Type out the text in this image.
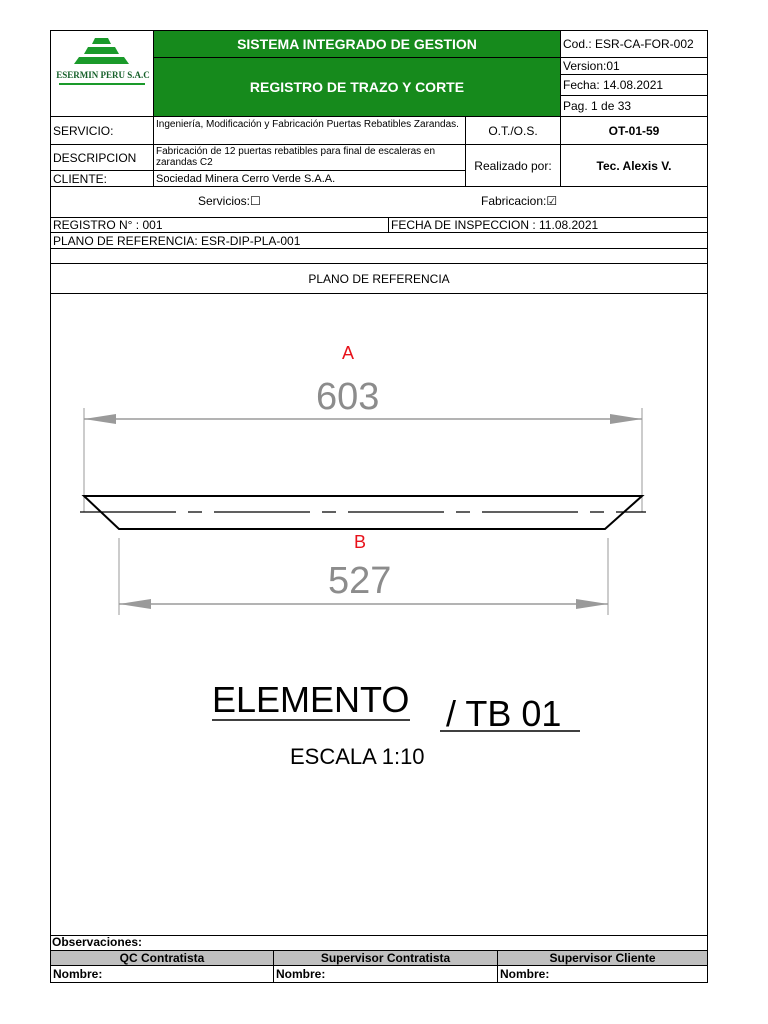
ESERMIN PERU S.A.C
SISTEMA INTEGRADO DE GESTION
REGISTRO DE TRAZO Y CORTE
Cod.: ESR-CA-FOR-002
Version:01
Fecha: 14.08.2021
Pag. 1 de 33
SERVICIO:	Ingeniería, Modificación y Fabricación Puertas Rebatibles Zarandas.	O.T./O.S.	OT-01-59
DESCRIPCION	Fabricación de 12 puertas rebatibles para final de escaleras en zarandas C2	Realizado por:	Tec. Alexis V.
CLIENTE:	Sociedad Minera Cerro Verde S.A.A.
Servicios:☐	Fabricacion:☑
REGISTRO N° : 001	FECHA DE INSPECCION : 11.08.2021
PLANO DE REFERENCIA: ESR-DIP-PLA-001
PLANO DE REFERENCIA
A
603
B
527
ELEMENTO / TB 01
ESCALA 1:10
Observaciones:
QC Contratista	Supervisor Contratista	Supervisor Cliente
Nombre:	Nombre:	Nombre:
